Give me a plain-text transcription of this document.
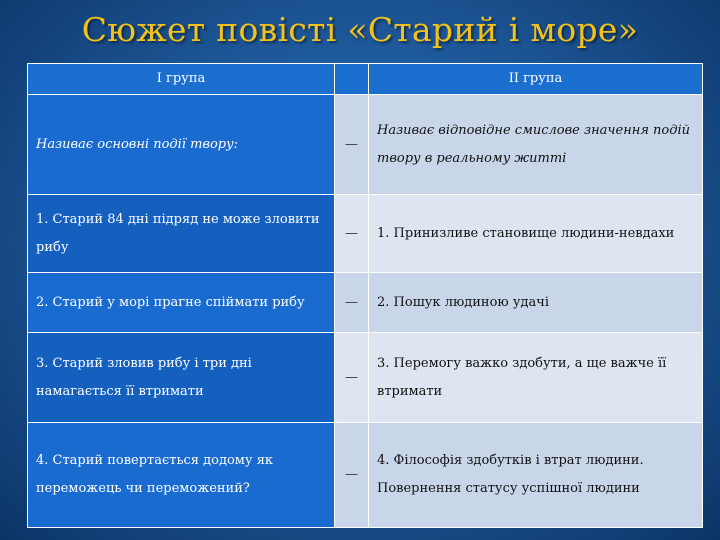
Сюжет повісті «Старий і море»
І група		ІІ група
Називає основні події твору:	—	Називає відповідне смислове значення подій твору в реальному житті
1. Старий 84 дні підряд не може зловити рибу	—	1. Принизливе становище людини-невдахи
2. Старий у морі прагне спіймати рибу	—	2. Пошук людиною удачі
3. Старий зловив рибу і три дні намагається її втримати	—	3. Перемогу важко здобути, а ще важче її втримати
4. Старий повертається додому як переможець чи переможений?	—	4. Філософія здобутків і втрат людини. Повернення статусу успішної людини
